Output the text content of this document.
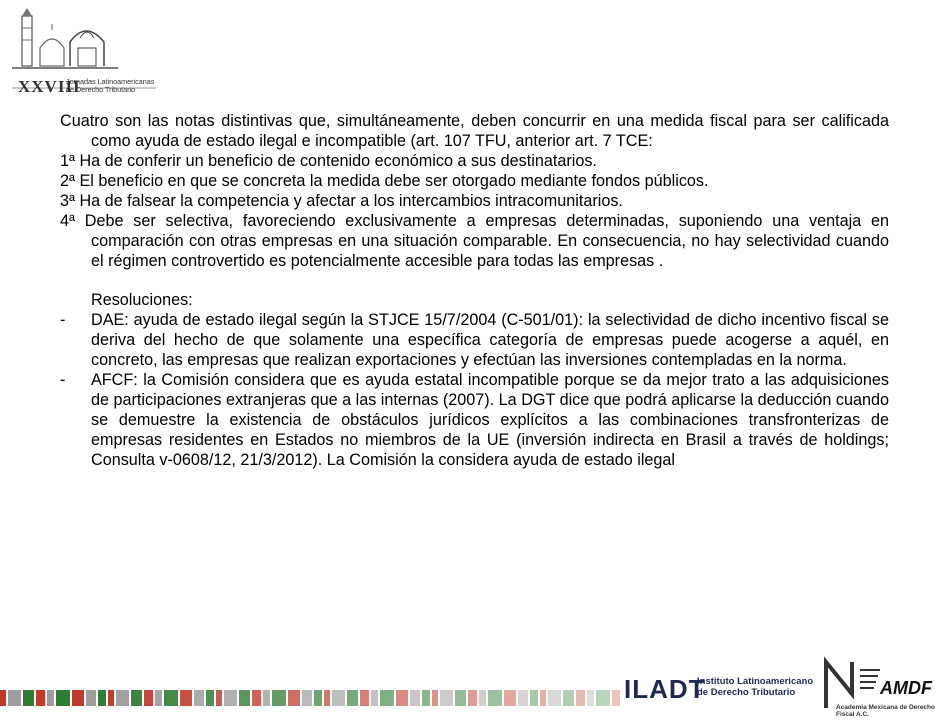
XXVIII
Jornadas Latinoamericanas
de Derecho Tributario

Cuatro son las notas distintivas que, simultáneamente, deben concurrir en una medida fiscal para ser calificada como ayuda de estado ilegal e incompatible (art. 107 TFU, anterior art. 7 TCE:

1ª Ha de conferir un beneficio de contenido económico a sus destinatarios.

2ª El beneficio en que se concreta la medida debe ser otorgado mediante fondos públicos.

3ª Ha de falsear la competencia y afectar a los intercambios intracomunitarios.

4ª Debe ser selectiva, favoreciendo exclusivamente a empresas determinadas, suponiendo una ventaja en comparación con otras empresas en una situación comparable. En consecuencia, no hay selectividad cuando el régimen controvertido es potencialmente accesible para todas las empresas .

Resoluciones:

-	DAE: ayuda de estado ilegal según la STJCE 15/7/2004 (C-501/01): la selectividad de dicho incentivo fiscal se deriva del hecho de que solamente una específica categoría de empresas puede acogerse a aquél, en concreto, las empresas que realizan exportaciones y efectúan las inversiones contempladas en la norma.
-	AFCF: la Comisión considera que es ayuda estatal incompatible porque se da mejor trato a las adquisiciones de participaciones extranjeras que a las internas (2007). La DGT dice que podrá aplicarse la deducción cuando se demuestre la existencia de obstáculos jurídicos explícitos a las combinaciones transfronterizas de empresas residentes en Estados no miembros de la UE (inversión indirecta en Brasil a través de holdings; Consulta v-0608/12, 21/3/2012). La Comisión la considera ayuda de estado ilegal
ILADT
Instituto Latinoamericano
de Derecho Tributario	AMDF
Academia Mexicana de Derecho Fiscal A.C.
